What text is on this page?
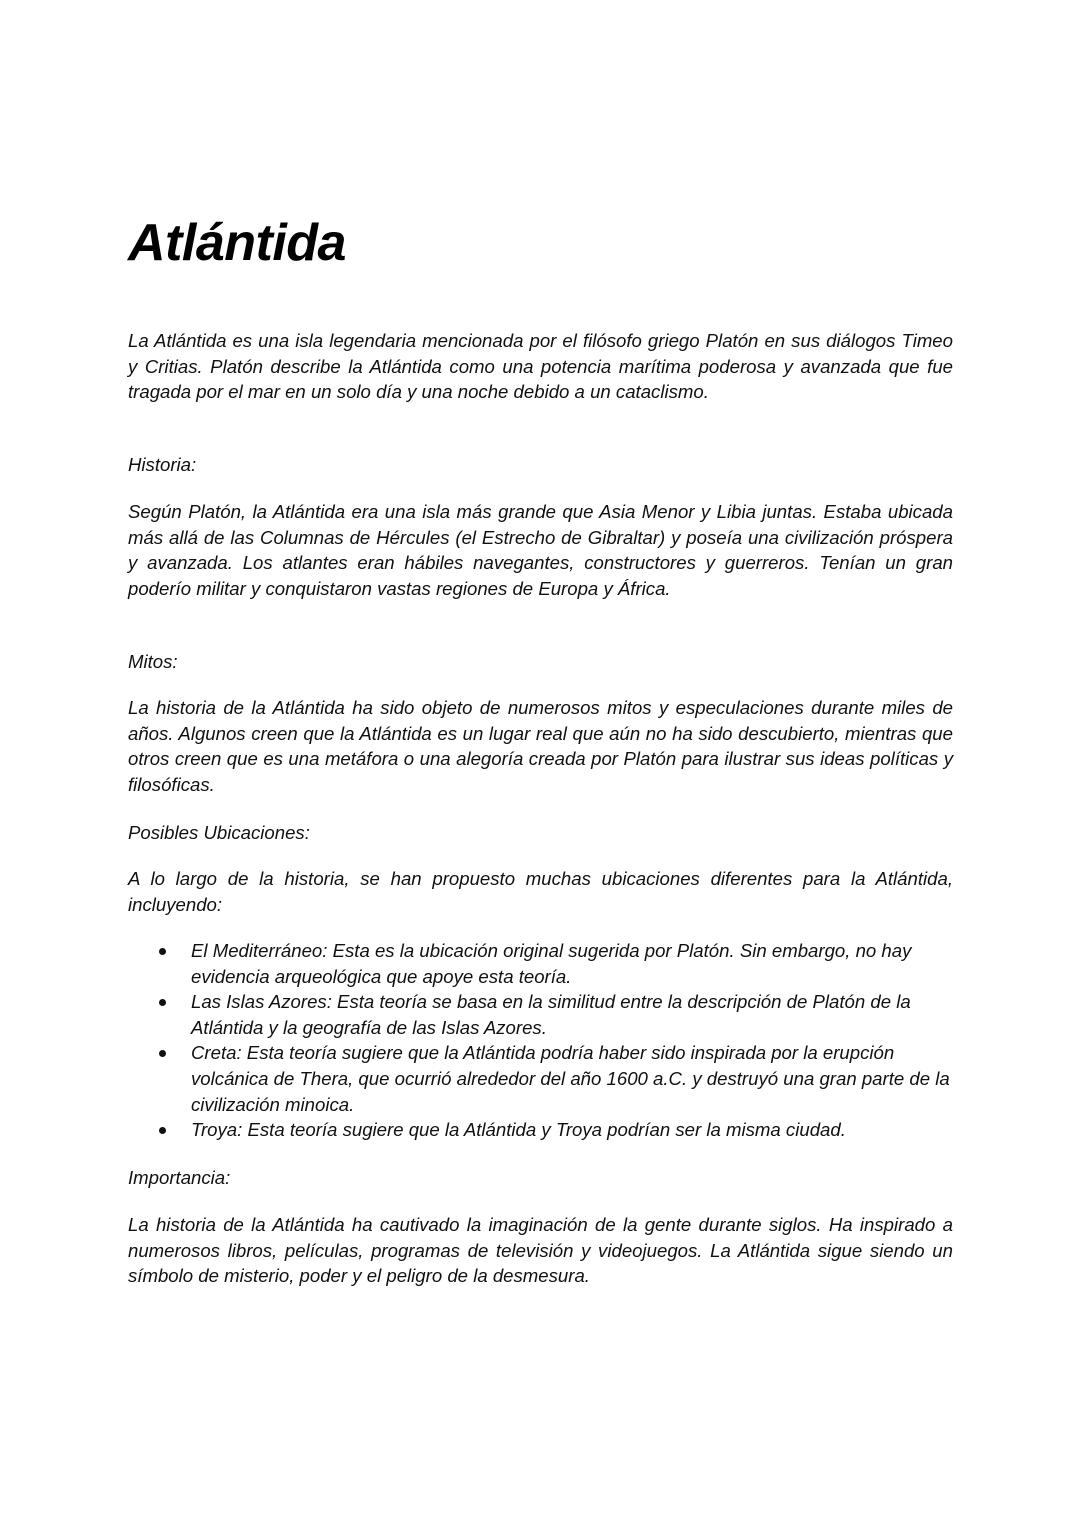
Atlántida

La Atlántida es una isla legendaria mencionada por el filósofo griego Platón en sus diálogos Timeo y Critias. Platón describe la Atlántida como una potencia marítima poderosa y avanzada que fue tragada por el mar en un solo día y una noche debido a un cataclismo.

Historia:

Según Platón, la Atlántida era una isla más grande que Asia Menor y Libia juntas. Estaba ubicada más allá de las Columnas de Hércules (el Estrecho de Gibraltar) y poseía una civilización próspera y avanzada. Los atlantes eran hábiles navegantes, constructores y guerreros. Tenían un gran poderío militar y conquistaron vastas regiones de Europa y África.

Mitos:

La historia de la Atlántida ha sido objeto de numerosos mitos y especulaciones durante miles de años. Algunos creen que la Atlántida es un lugar real que aún no ha sido descubierto, mientras que otros creen que es una metáfora o una alegoría creada por Platón para ilustrar sus ideas políticas y filosóficas.

Posibles Ubicaciones:

A lo largo de la historia, se han propuesto muchas ubicaciones diferentes para la Atlántida, incluyendo:

El Mediterráneo: Esta es la ubicación original sugerida por Platón. Sin embargo, no hay evidencia arqueológica que apoye esta teoría.
Las Islas Azores: Esta teoría se basa en la similitud entre la descripción de Platón de la Atlántida y la geografía de las Islas Azores.
Creta: Esta teoría sugiere que la Atlántida podría haber sido inspirada por la erupción volcánica de Thera, que ocurrió alrededor del año 1600 a.C. y destruyó una gran parte de la civilización minoica.
Troya: Esta teoría sugiere que la Atlántida y Troya podrían ser la misma ciudad.

Importancia:

La historia de la Atlántida ha cautivado la imaginación de la gente durante siglos. Ha inspirado a numerosos libros, películas, programas de televisión y videojuegos. La Atlántida sigue siendo un símbolo de misterio, poder y el peligro de la desmesura.
